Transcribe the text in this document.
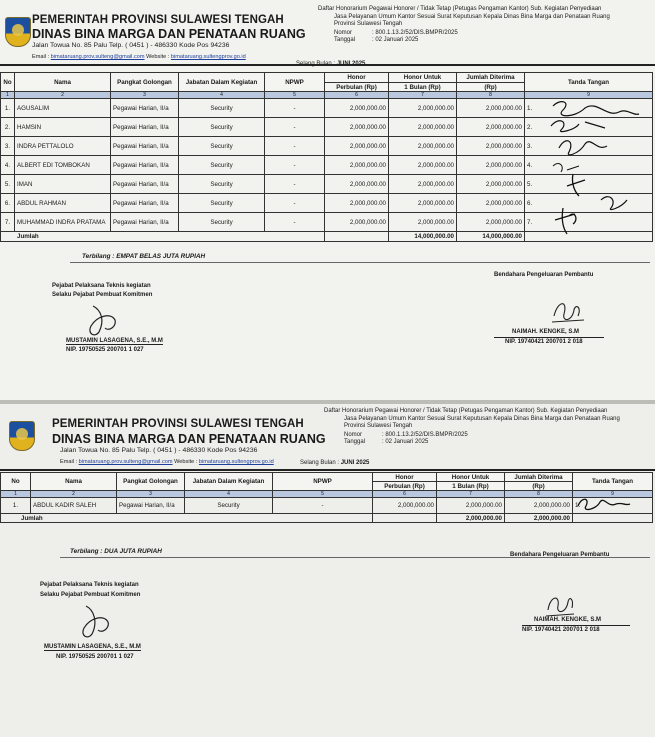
PEMERINTAH PROVINSI SULAWESI TENGAH
DINAS BINA MARGA DAN PENATAAN RUANG
Jalan Towua No. 85 Palu Telp. ( 0451 ) - 486330 Kode Pos 94236
Email : bimataruang.prov.sulteng@gmail.com Website : bimataruang.sultengprov.go.id
Daftar Honorarium Pegawai Honorer / Tidak Tetap (Petugas Pengaman Kantor) Sub. Kegiatan Penyediaan
Jasa Pelayanan Umum Kantor Sesuai Surat Keputusan Kepala Dinas Bina Marga dan Penataan Ruang
Provinsi Sulawesi Tengah
Nomor	: 800.1.13.2/52/DIS.BMPR/2025
Tanggal	: 02 Januari 2025
Selang Bulan : JUNI 2025
No	Nama	Pangkat Golongan	Jabatan Dalam Kegiatan	NPWP	Honor	Honor Untuk	Jumlah Diterima	Tanda Tangan
					Perbulan (Rp)	1 Bulan (Rp)	(Rp)	
1	2	3	4	5	6	7	8	9
1.	AGUSALIM	Pegawai Harian, II/a	Security	-	2,000,000.00	2,000,000.00	2,000,000.00	1.
2.	HAMSIN	Pegawai Harian, II/a	Security	-	2,000,000.00	2,000,000.00	2,000,000.00	2.
3.	INDRA PETTALOLO	Pegawai Harian, II/a	Security	-	2,000,000.00	2,000,000.00	2,000,000.00	3.
4.	ALBERT EDI TOMBOKAN	Pegawai Harian, II/a	Security	-	2,000,000.00	2,000,000.00	2,000,000.00	4.
5.	IMAN	Pegawai Harian, II/a	Security	-	2,000,000.00	2,000,000.00	2,000,000.00	5.
6.	ABDUL RAHMAN	Pegawai Harian, II/a	Security	-	2,000,000.00	2,000,000.00	2,000,000.00	6.
7.	MUHAMMAD INDRA PRATAMA	Pegawai Harian, II/a	Security	-	2,000,000.00	2,000,000.00	2,000,000.00	7.
Jumlah						14,000,000.00	14,000,000.00	
Terbilang : EMPAT BELAS JUTA RUPIAH
Pejabat Pelaksana Teknis kegiatan
Selaku Pejabat Pembuat Komitmen
Bendahara Pengeluaran Pembantu
MUSTAMIN LASAGENA, S.E., M.M
NIP. 19750525 200701 1 027
NAIMAH. KENGKE, S.M
NIP. 19740421 200701 2 018
PEMERINTAH PROVINSI SULAWESI TENGAH
DINAS BINA MARGA DAN PENATAAN RUANG
Jalan Towua No. 85 Palu Telp. ( 0451 ) - 486330 Kode Pos 94236
Email : bimataruang.prov.sulteng@gmail.com Website : bimataruang.sultengprov.go.id
Daftar Honorarium Pegawai Honorer / Tidak Tetap (Petugas Pengaman Kantor) Sub. Kegiatan Penyediaan
Jasa Pelayanan Umum Kantor Sesuai Surat Keputusan Kepala Dinas Bina Marga dan Penataan Ruang
Provinsi Sulawesi Tengah
Nomor	: 800.1.13.2/52/DIS.BMPR/2025
Tanggal	: 02 Januari 2025
Selang Bulan : JUNI 2025
No	Nama	Pangkat Golongan	Jabatan Dalam Kegiatan	NPWP	Honor	Honor Untuk	Jumlah Diterima	Tanda Tangan
					Perbulan (Rp)	1 Bulan (Rp)	(Rp)	
1	2	3	4	5	6	7	8	9
1.	ABDUL KADIR SALEH	Pegawai Harian, II/a	Security	-	2,000,000.00	2,000,000.00	2,000,000.00	1.
Jumlah						2,000,000.00	2,000,000.00	
Terbilang : DUA JUTA RUPIAH
Pejabat Pelaksana Teknis kegiatan
Selaku Pejabat Pembuat Komitmen
Bendahara Pengeluaran Pembantu
MUSTAMIN LASAGENA, S.E., M.M
NIP. 19750525 200701 1 027
NAIMAH. KENGKE, S.M
NIP. 19740421 200701 2 018
